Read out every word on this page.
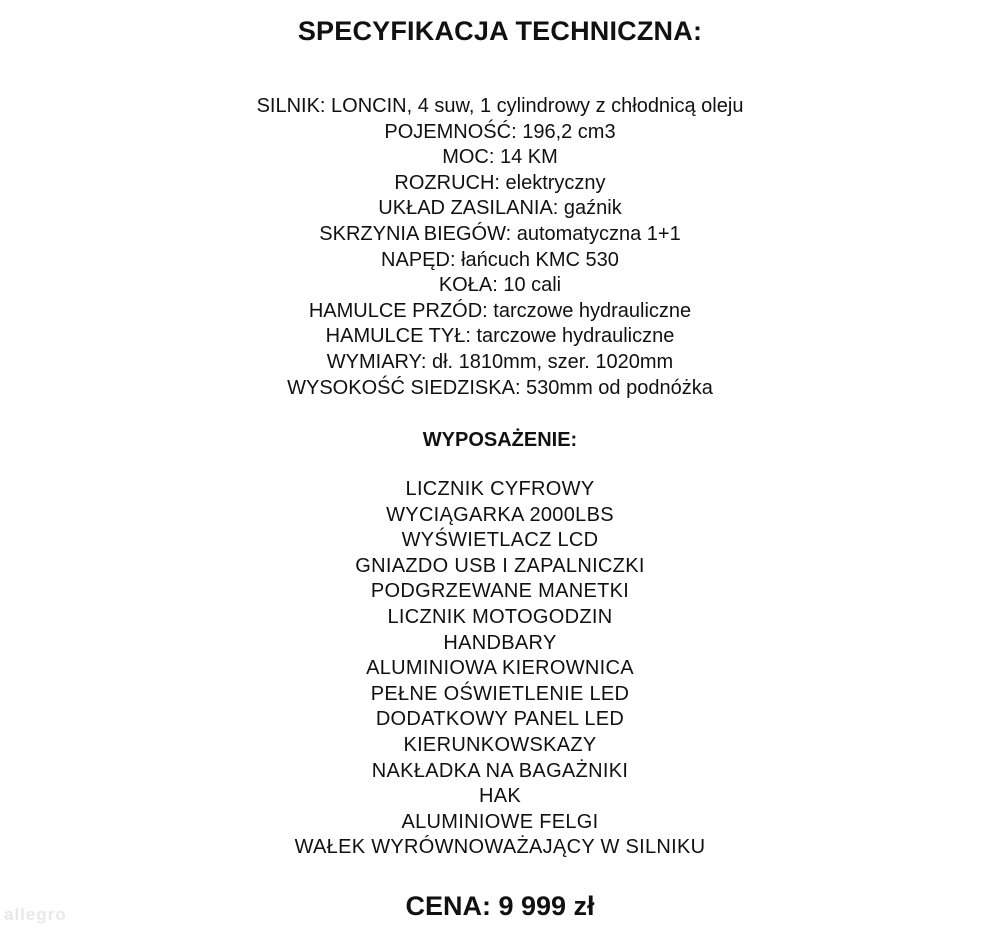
SPECYFIKACJA TECHNICZNA:
SILNIK: LONCIN, 4 suw, 1 cylindrowy z chłodnicą oleju
POJEMNOŚĆ: 196,2 cm3
MOC: 14 KM
ROZRUCH: elektryczny
UKŁAD ZASILANIA: gaźnik
SKRZYNIA BIEGÓW: automatyczna 1+1
NAPĘD: łańcuch KMC 530
KOŁA: 10 cali
HAMULCE PRZÓD: tarczowe hydrauliczne
HAMULCE TYŁ: tarczowe hydrauliczne
WYMIARY: dł. 1810mm, szer. 1020mm
WYSOKOŚĆ SIEDZISKA: 530mm od podnóżka
WYPOSAŻENIE:
LICZNIK CYFROWY
WYCIĄGARKA 2000LBS
WYŚWIETLACZ LCD
GNIAZDO USB I ZAPALNICZKI
PODGRZEWANE MANETKI
LICZNIK MOTOGODZIN
HANDBARY
ALUMINIOWA KIEROWNICA
PEŁNE OŚWIETLENIE LED
DODATKOWY PANEL LED
KIERUNKOWSKAZY
NAKŁADKA NA BAGAŻNIKI
HAK
ALUMINIOWE FELGI
WAŁEK WYRÓWNOWAŻAJĄCY W SILNIKU
CENA: 9 999 zł
allegro
